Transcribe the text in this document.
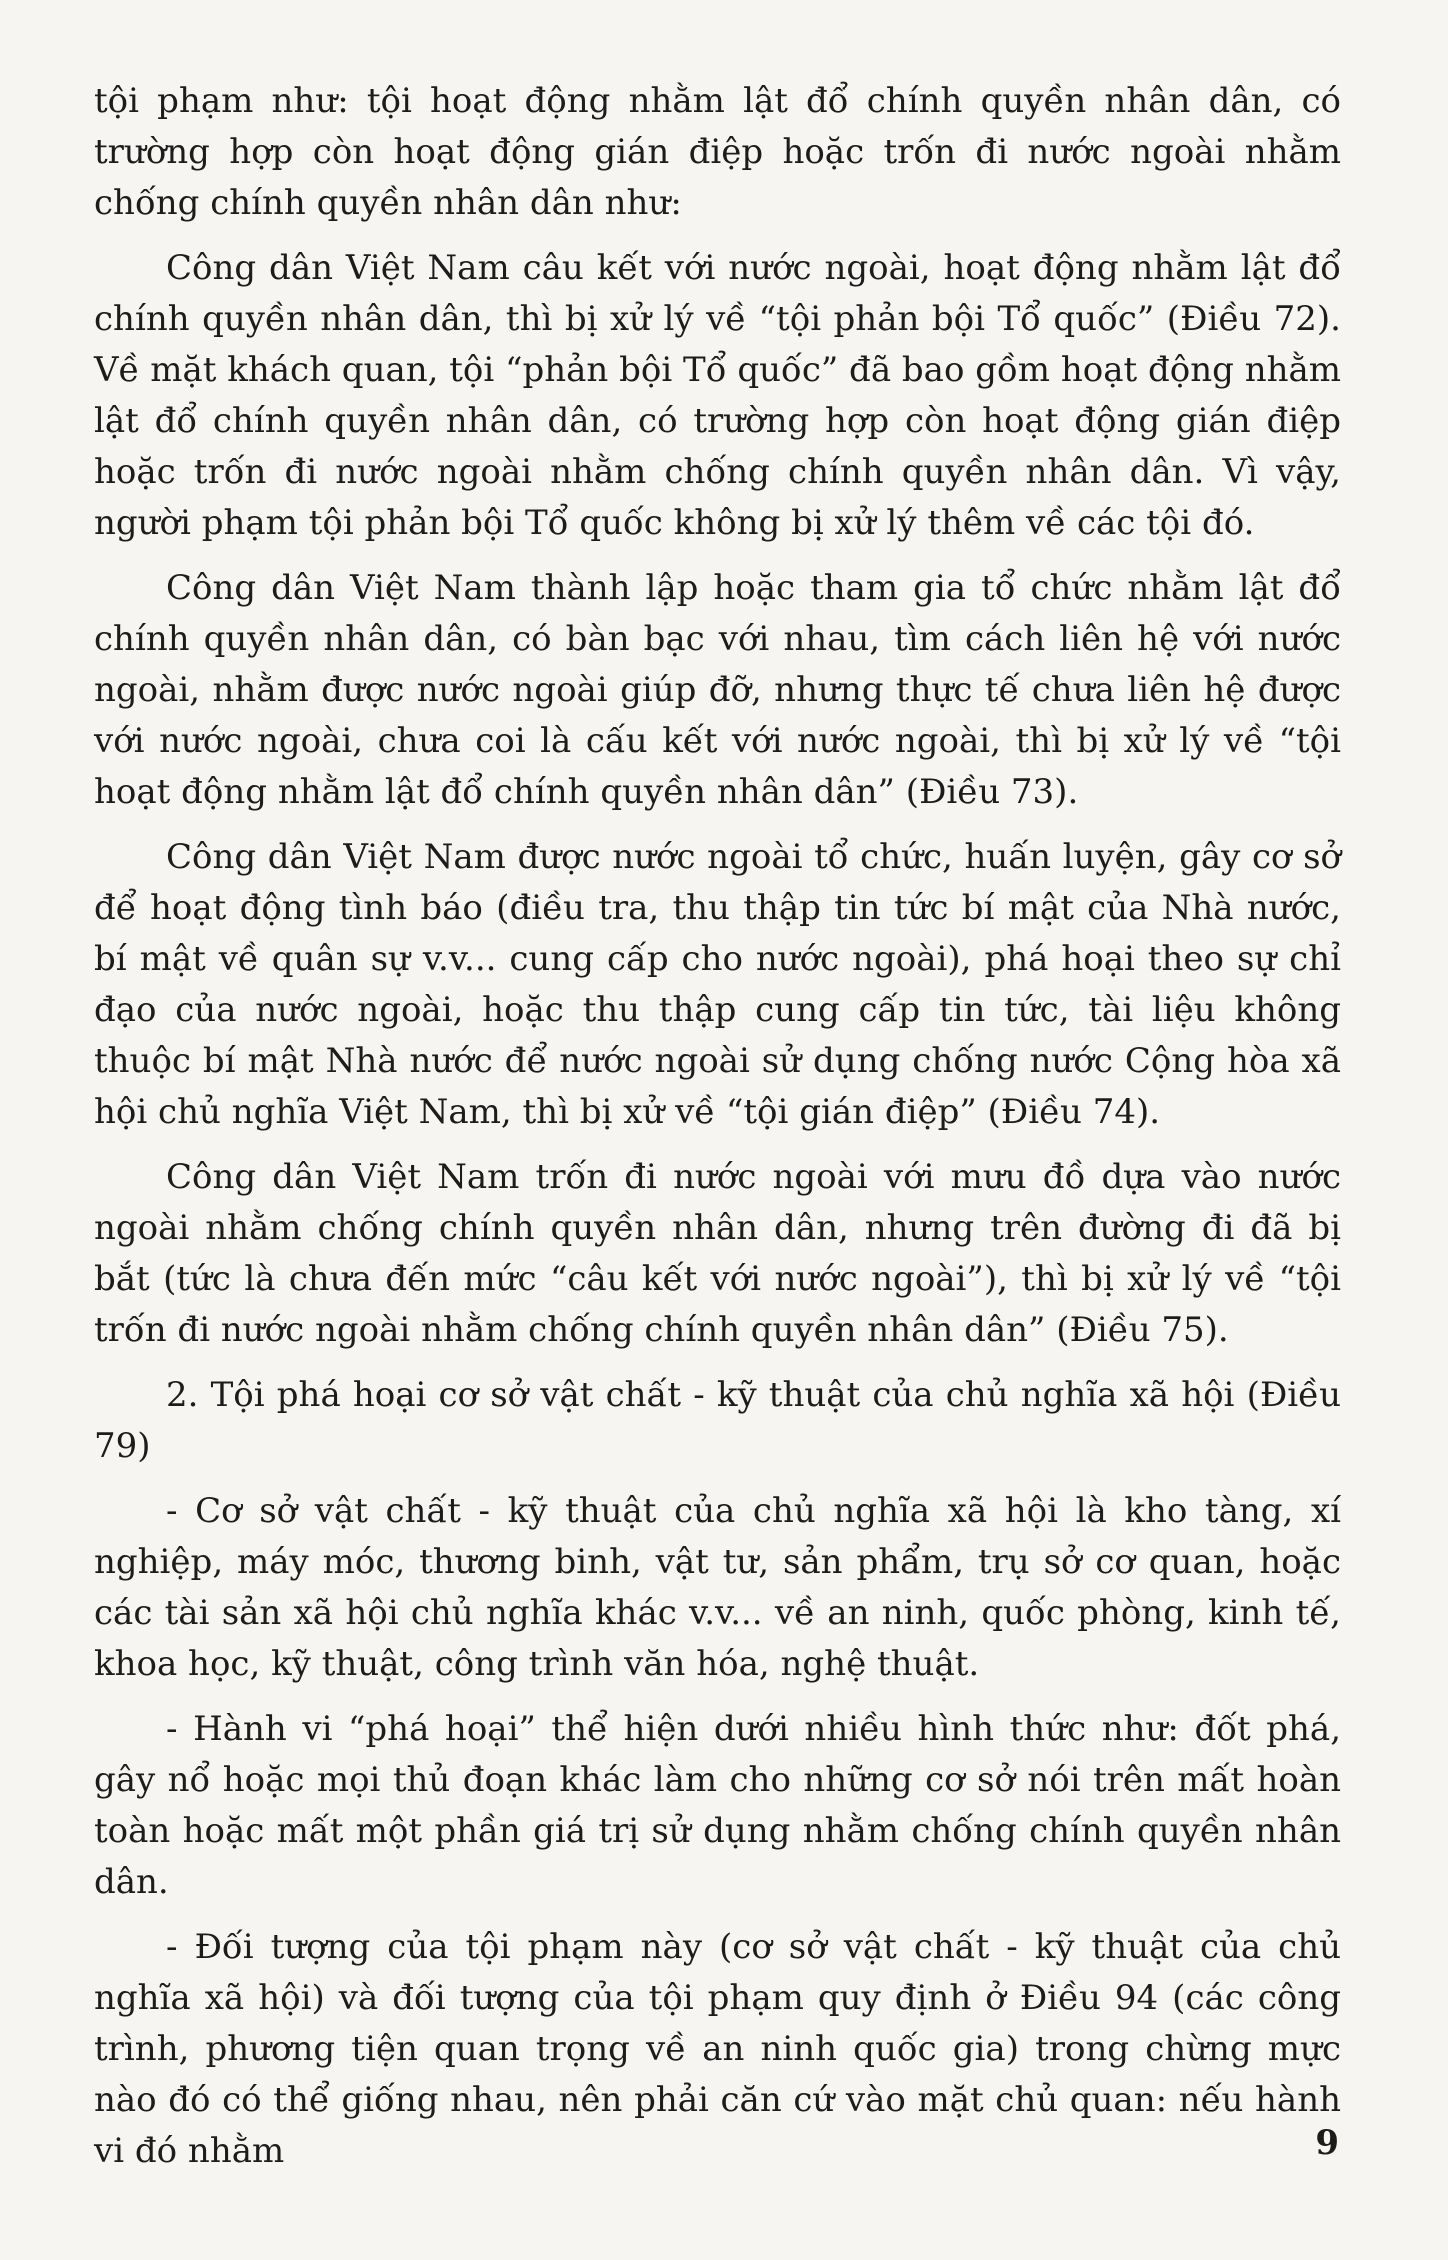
tội phạm như: tội hoạt động nhằm lật đổ chính quyền nhân dân, có trường hợp còn hoạt động gián điệp hoặc trốn đi nước ngoài nhằm chống chính quyền nhân dân như:

Công dân Việt Nam câu kết với nước ngoài, hoạt động nhằm lật đổ chính quyền nhân dân, thì bị xử lý về “tội phản bội Tổ quốc” (Điều 72). Về mặt khách quan, tội “phản bội Tổ quốc” đã bao gồm hoạt động nhằm lật đổ chính quyền nhân dân, có trường hợp còn hoạt động gián điệp hoặc trốn đi nước ngoài nhằm chống chính quyền nhân dân. Vì vậy, người phạm tội phản bội Tổ quốc không bị xử lý thêm về các tội đó.

Công dân Việt Nam thành lập hoặc tham gia tổ chức nhằm lật đổ chính quyền nhân dân, có bàn bạc với nhau, tìm cách liên hệ với nước ngoài, nhằm được nước ngoài giúp đỡ, nhưng thực tế chưa liên hệ được với nước ngoài, chưa coi là cấu kết với nước ngoài, thì bị xử lý về “tội hoạt động nhằm lật đổ chính quyền nhân dân” (Điều 73).

Công dân Việt Nam được nước ngoài tổ chức, huấn luyện, gây cơ sở để hoạt động tình báo (điều tra, thu thập tin tức bí mật của Nhà nước, bí mật về quân sự v.v... cung cấp cho nước ngoài), phá hoại theo sự chỉ đạo của nước ngoài, hoặc thu thập cung cấp tin tức, tài liệu không thuộc bí mật Nhà nước để nước ngoài sử dụng chống nước Cộng hòa xã hội chủ nghĩa Việt Nam, thì bị xử về “tội gián điệp” (Điều 74).

Công dân Việt Nam trốn đi nước ngoài với mưu đồ dựa vào nước ngoài nhằm chống chính quyền nhân dân, nhưng trên đường đi đã bị bắt (tức là chưa đến mức “câu kết với nước ngoài”), thì bị xử lý về “tội trốn đi nước ngoài nhằm chống chính quyền nhân dân” (Điều 75).

2. Tội phá hoại cơ sở vật chất - kỹ thuật của chủ nghĩa xã hội (Điều 79)

- Cơ sở vật chất - kỹ thuật của chủ nghĩa xã hội là kho tàng, xí nghiệp, máy móc, thương binh, vật tư, sản phẩm, trụ sở cơ quan, hoặc các tài sản xã hội chủ nghĩa khác v.v... về an ninh, quốc phòng, kinh tế, khoa học, kỹ thuật, công trình văn hóa, nghệ thuật.

- Hành vi “phá hoại” thể hiện dưới nhiều hình thức như: đốt phá, gây nổ hoặc mọi thủ đoạn khác làm cho những cơ sở nói trên mất hoàn toàn hoặc mất một phần giá trị sử dụng nhằm chống chính quyền nhân dân.

- Đối tượng của tội phạm này (cơ sở vật chất - kỹ thuật của chủ nghĩa xã hội) và đối tượng của tội phạm quy định ở Điều 94 (các công trình, phương tiện quan trọng về an ninh quốc gia) trong chừng mực nào đó có thể giống nhau, nên phải căn cứ vào mặt chủ quan: nếu hành vi đó nhằm	9
